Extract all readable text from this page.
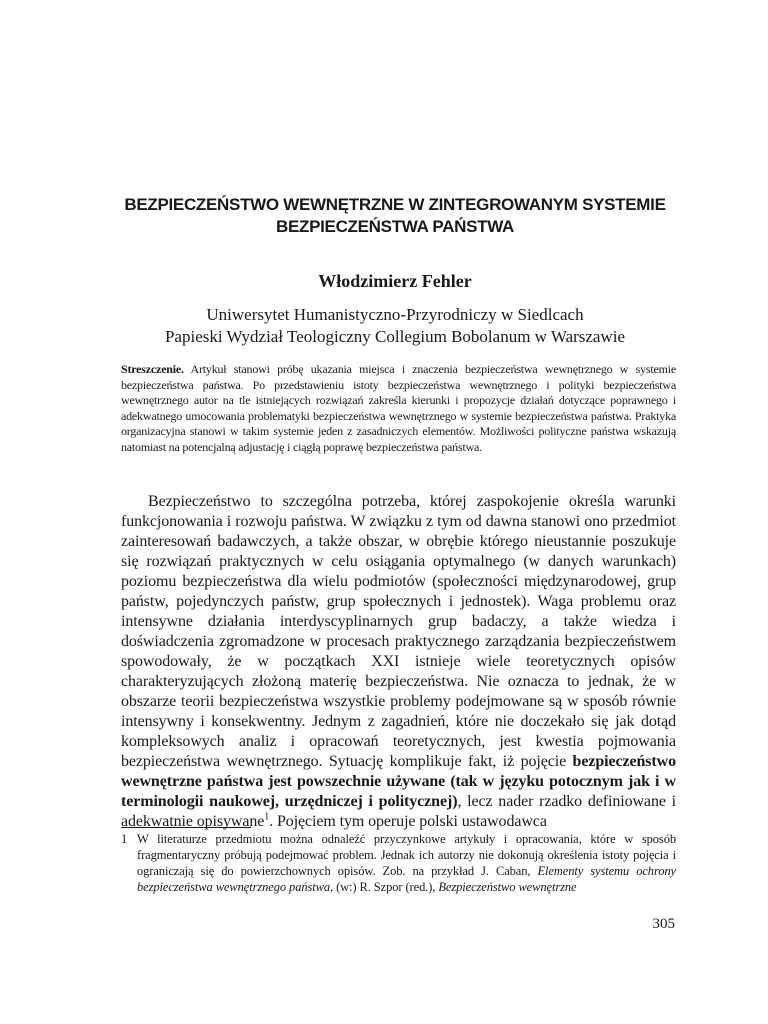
BEZPIECZEŃSTWO WEWNĘTRZNE W ZINTEGROWANYM SYSTEMIE
BEZPIECZEŃSTWA PAŃSTWA
Włodzimierz Fehler
Uniwersytet Humanistyczno-Przyrodniczy w Siedlcach
Papieski Wydział Teologiczny Collegium Bobolanum w Warszawie
Streszczenie. Artykuł stanowi próbę ukazania miejsca i znaczenia bezpieczeństwa wewnętrznego w systemie bezpieczeństwa państwa. Po przedstawieniu istoty bezpieczeństwa wewnętrznego i polityki bezpieczeństwa wewnętrznego autor na tle istniejących rozwiązań zakreśla kierunki i propozycje działań dotyczące poprawnego i adekwatnego umocowania problematyki bezpieczeństwa wewnętrznego w systemie bezpieczeństwa państwa. Praktyka organizacyjna stanowi w takim systemie jeden z zasadniczych elementów. Możliwości polityczne państwa wskazują natomiast na potencjalną adjustację i ciągłą poprawę bezpieczeństwa państwa.

Bezpieczeństwo to szczególna potrzeba, której zaspokojenie określa warunki funkcjonowania i rozwoju państwa. W związku z tym od dawna stanowi ono przedmiot zainteresowań badawczych, a także obszar, w obrębie którego nieustannie poszukuje się rozwiązań praktycznych w celu osiągania optymalnego (w danych warunkach) poziomu bezpieczeństwa dla wielu podmiotów (społeczności międzynarodowej, grup państw, pojedynczych państw, grup społecznych i jednostek). Waga problemu oraz intensywne działania interdyscyplinarnych grup badaczy, a także wiedza i doświadczenia zgromadzone w procesach praktycznego zarządzania bezpieczeństwem spowodowały, że w początkach XXI istnieje wiele teoretycznych opisów charakteryzujących złożoną materię bezpieczeństwa. Nie oznacza to jednak, że w obszarze teorii bezpieczeństwa wszystkie problemy podejmowane są w sposób równie intensywny i konsekwentny. Jednym z zagadnień, które nie doczekało się jak dotąd kompleksowych analiz i opracowań teoretycznych, jest kwestia pojmowania bezpieczeństwa wewnętrznego. Sytuację komplikuje fakt, iż pojęcie bezpieczeństwo wewnętrzne państwa jest powszechnie używane (tak w języku potocznym jak i w terminologii naukowej, urzędniczej i politycznej), lecz nader rzadko definiowane i adekwatnie opisywane$^1$. Pojęciem tym operuje polski ustawodawca

1 W literaturze przedmiotu można odnaleźć przyczynkowe artykuły i opracowania, które w sposób fragmentaryczny próbują podejmować problem. Jednak ich autorzy nie dokonują określenia istoty pojęcia i ograniczają się do powierzchownych opisów. Zob. na przykład J. Caban, Elementy systemu ochrony bezpieczeństwa wewnętrznego państwa, (w:) R. Szpor (red.), Bezpieczeństwo wewnętrzne
305
